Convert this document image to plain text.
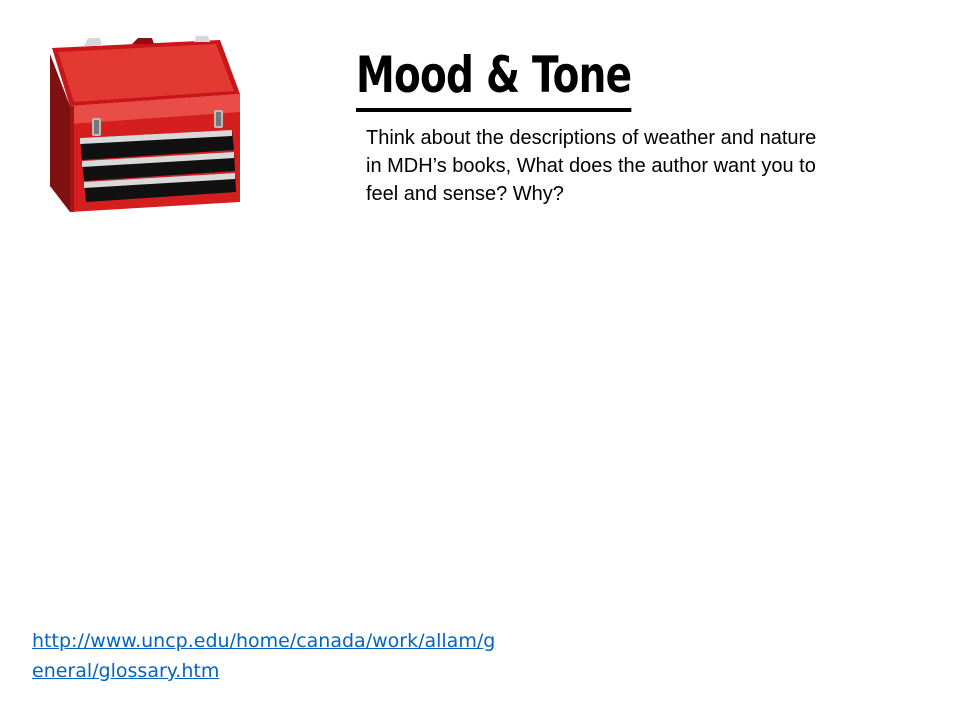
Mood & Tone

Think about the descriptions of weather and nature in MDH’s books, What does the author want you to feel and sense? Why?

http://www.uncp.edu/home/canada/work/allam/general/glossary.htm
